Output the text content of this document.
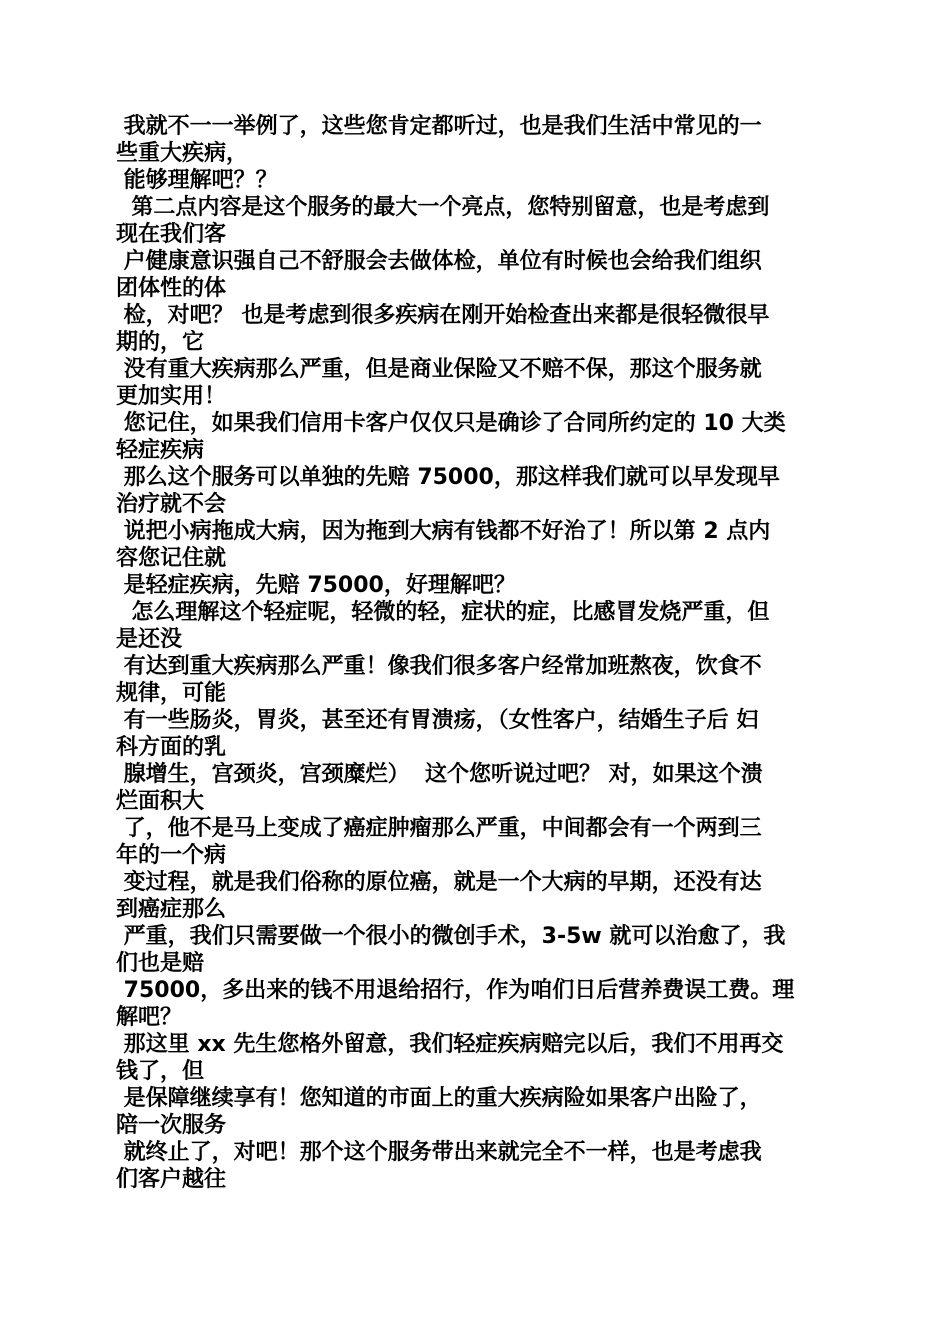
我就不一一举例了，这些您肯定都听过，也是我们生活中常见的一
些重大疾病，
能够理解吧？？
第二点内容是这个服务的最大一个亮点，您特别留意，也是考虑到
现在我们客
户健康意识强自己不舒服会去做体检，单位有时候也会给我们组织
团体性的体
检，对吧？ 也是考虑到很多疾病在刚开始检查出来都是很轻微很早
期的，它
没有重大疾病那么严重，但是商业保险又不赔不保，那这个服务就
更加实用！
您记住，如果我们信用卡客户仅仅只是确诊了合同所约定的 10 大类
轻症疾病
那么这个服务可以单独的先赔 75000，那这样我们就可以早发现早
治疗就不会
说把小病拖成大病，因为拖到大病有钱都不好治了！所以第 2 点内
容您记住就
是轻症疾病，先赔 75000，好理解吧？
怎么理解这个轻症呢，轻微的轻，症状的症，比感冒发烧严重，但
是还没
有达到重大疾病那么严重！像我们很多客户经常加班熬夜，饮食不
规律，可能
有一些肠炎，胃炎，甚至还有胃溃疡，（女性客户，结婚生子后 妇
科方面的乳
腺增生，宫颈炎，宫颈糜烂）  这个您听说过吧？ 对，如果这个溃
烂面积大
了，他不是马上变成了癌症肿瘤那么严重，中间都会有一个两到三
年的一个病
变过程，就是我们俗称的原位癌，就是一个大病的早期，还没有达
到癌症那么
严重，我们只需要做一个很小的微创手术，3-5w 就可以治愈了，我
们也是赔
75000，多出来的钱不用退给招行，作为咱们日后营养费误工费。理
解吧？
那这里 xx 先生您格外留意，我们轻症疾病赔完以后，我们不用再交
钱了，但
是保障继续享有！您知道的市面上的重大疾病险如果客户出险了，
陪一次服务
就终止了，对吧！那个这个服务带出来就完全不一样，也是考虑我
们客户越往
